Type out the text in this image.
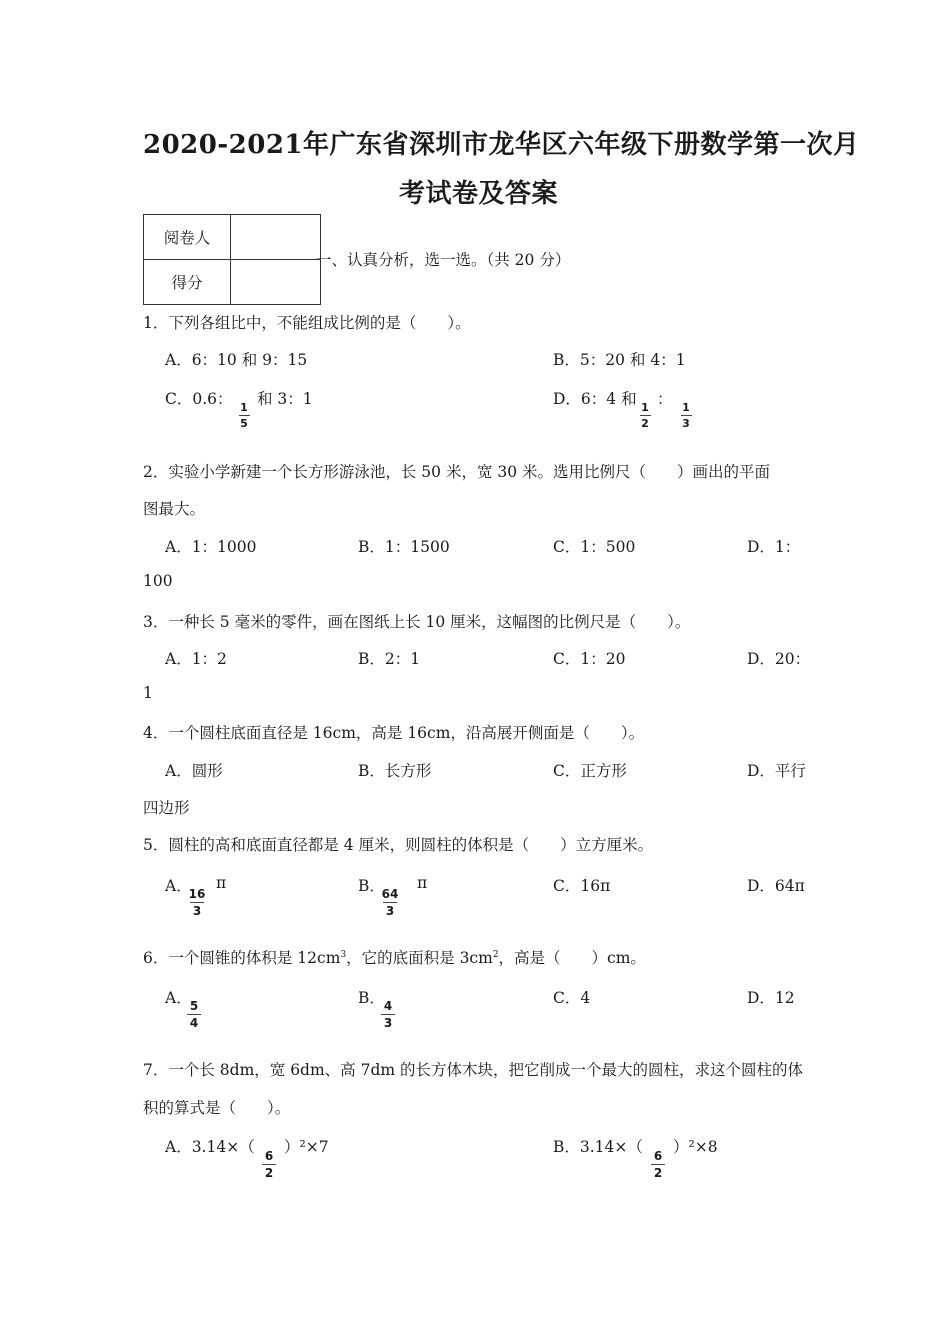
2020-2021年广东省深圳市龙华区六年级下册数学第一次月
考试卷及答案
阅卷人	
得分	
一、认真分析，选一选。（共 20 分）
1．下列各组比中，不能组成比例的是（　　）。
A．6：10 和 9：15	B．5：20 和 4：1
C．0.6： 1
5
和 3：1	D．6：4 和 1
2
： 1
3
2．实验小学新建一个长方形游泳池，长 50 米，宽 30 米。选用比例尺（　　）画出的平面
图最大。
A．1：1000	B．1：1500	C．1：500	D．1：
100
3．一种长 5 毫米的零件，画在图纸上长 10 厘米，这幅图的比例尺是（　　）。
A．1：2	B．2：1	C．1：20	D．20：
1
4．一个圆柱底面直径是 16cm，高是 16cm，沿高展开侧面是（　　）。
A．圆形	B．长方形	C．正方形	D．平行
四边形
5．圆柱的高和底面直径都是 4 厘米，则圆柱的体积是（　　）立方厘米。
A．
16
3
π	B．
64
3
π	C．16π	D．64π
6．一个圆锥的体积是 $12cm^3$，它的底面积是 $3cm^2$，高是（　　）cm。
A．
5
4
B．
4
3
C．4	D．12
7．一个长 8dm，宽 6dm、高 7dm 的长方体木块，把它削成一个最大的圆柱，求这个圆柱的体
积的算式是（　　）。
A．3.14×（ 6
2
）²×7	B．3.14×（ 6
2
）²×8
